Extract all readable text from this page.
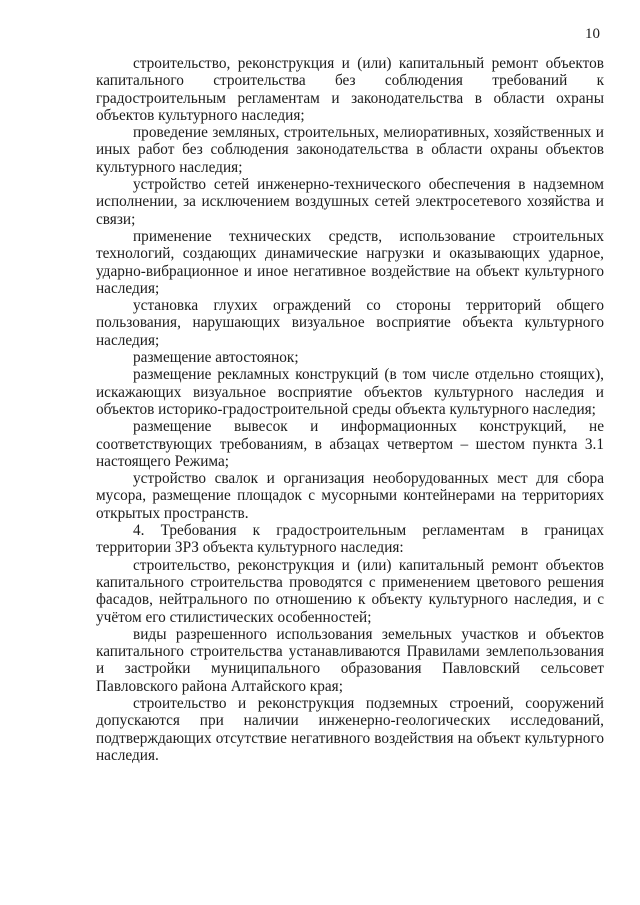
10

строительство, реконструкция и (или) капитальный ремонт объектов капитального строительства без соблюдения требований к градостроительным регламентам и законодательства в области охраны объектов культурного наследия;

проведение земляных, строительных, мелиоративных, хозяйственных и иных работ без соблюдения законодательства в области охраны объектов культурного наследия;

устройство сетей инженерно-технического обеспечения в надземном исполнении, за исключением воздушных сетей электросетевого хозяйства и связи;

применение технических средств, использование строительных технологий, создающих динамические нагрузки и оказывающих ударное, ударно-вибрационное и иное негативное воздействие на объект культурного наследия;

установка глухих ограждений со стороны территорий общего пользования, нарушающих визуальное восприятие объекта культурного наследия;

размещение автостоянок;

размещение рекламных конструкций (в том числе отдельно стоящих), искажающих визуальное восприятие объектов культурного наследия и объектов историко-градостроительной среды объекта культурного наследия;

размещение вывесок и информационных конструкций, не соответствующих требованиям, в абзацах четвертом – шестом пункта 3.1 настоящего Режима;

устройство свалок и организация необорудованных мест для сбора мусора, размещение площадок с мусорными контейнерами на территориях открытых пространств.

4. Требования к градостроительным регламентам в границах территории ЗРЗ объекта культурного наследия:

строительство, реконструкция и (или) капитальный ремонт объектов капитального строительства проводятся с применением цветового решения фасадов, нейтрального по отношению к объекту культурного наследия, и с учётом его стилистических особенностей;

виды разрешенного использования земельных участков и объектов капитального строительства устанавливаются Правилами землепользования и застройки муниципального образования Павловский сельсовет Павловского района Алтайского края;

строительство и реконструкция подземных строений, сооружений допускаются при наличии инженерно-геологических исследований, подтверждающих отсутствие негативного воздействия на объект культурного наследия.
